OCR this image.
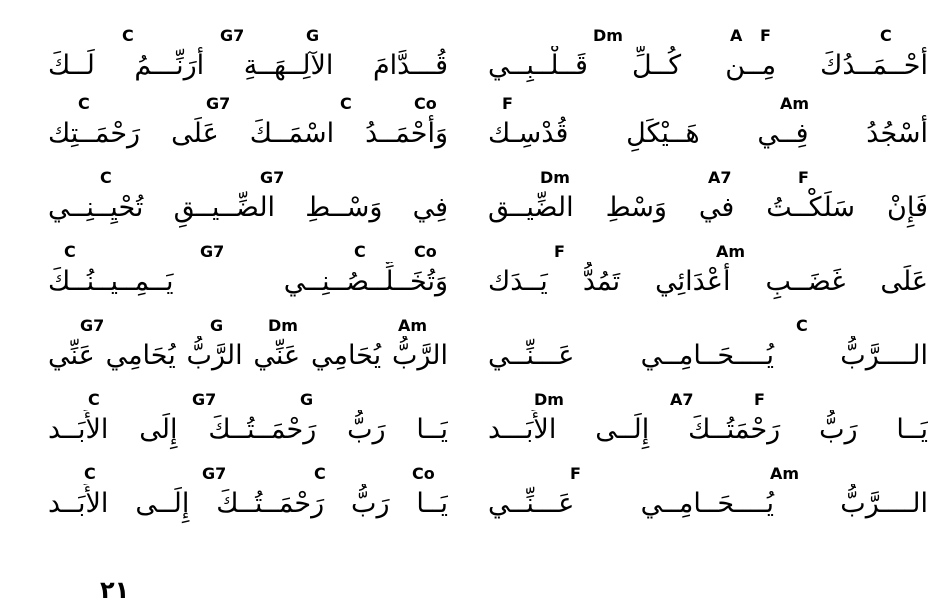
Dm	A F	C
أَحْــمَــدُكَ مِــن كُــلِّ قَــلْــبِــي
F	Am
أَسْجُدُ فِــي هَــيْكَلِ قُدْسِـك
Dm	A7	F
فَإِنْ سَلَكْــتُ في وَسْطِ الضِّيــق
F	Am
عَلَى غَضَــبِ أَعْدَائِي تَمُدُّ يَــدَك
C
الــــرَّبُّ يُــــحَــامِــي عَـــنِّــي
Dm	A7	F
يَــا رَبُّ رَحْمَتُــكَ إِلَــى الأَبَـــد
F	Am
الــــرَّبُّ يُــــحَــامِــي عَـــنِّــي
C	G7	G
قُـــدَّامَ الآلِــهَــةِ أُرَنِّـــمُ لَــكَ
C	G7	C	Co
وَأَحْمَــدُ اسْمَــكَ عَلَى رَحْمَــتِك
C	G7
فِي وَسْــطِ الضِّــيــقِ تُحْيِــنِــي
C	G7	C	Co
وَتُخَــلِّــصُــنِــي يَــمِــيــنُــكَ
G7	G	Dm	Am
الرَّبُّ يُحَامِي عَنِّي الرَّبُّ يُحَامِي عَنِّي
C	G7	G
يَــا رَبُّ رَحْمَــتُــكَ إِلَى الأَبَــد
C	G7	C	Co
يَــا رَبُّ رَحْمَــتُــكَ إِلَــى الأَبَــد
٢١
